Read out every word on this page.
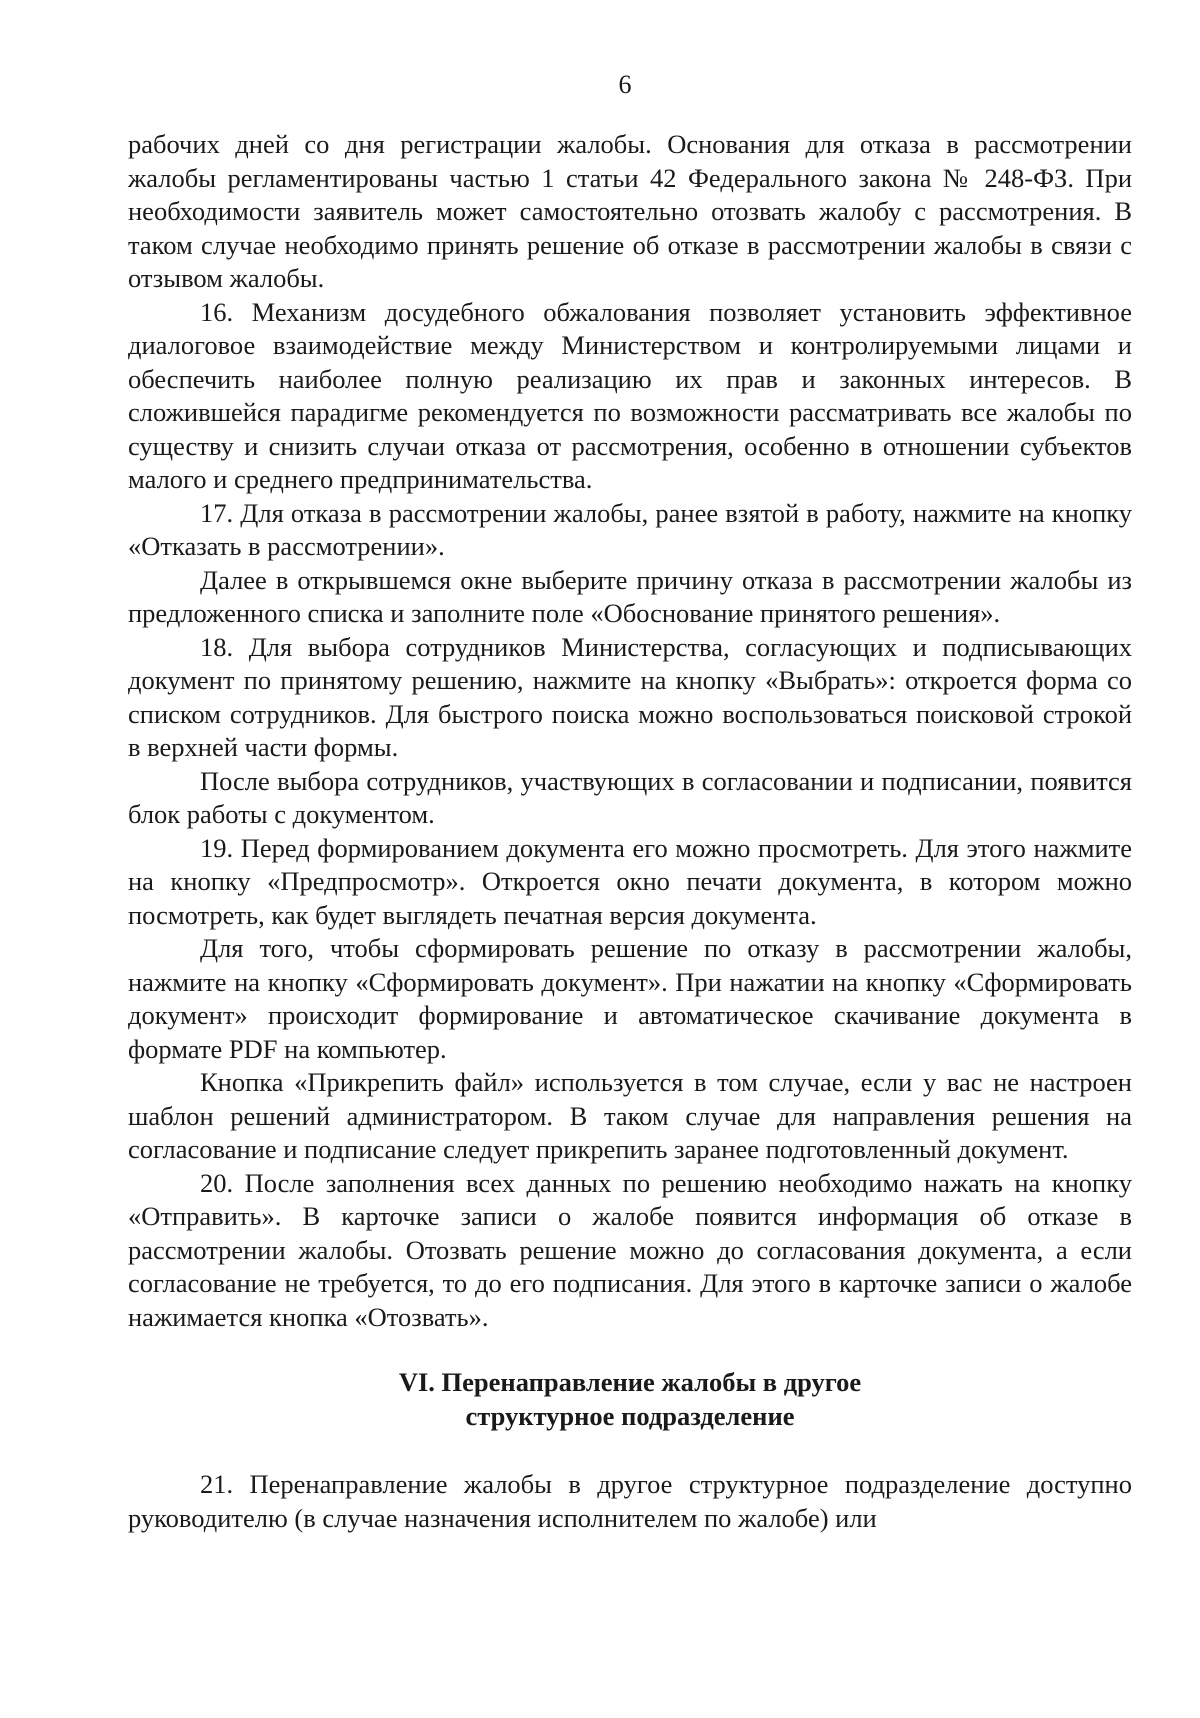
6

рабочих дней со дня регистрации жалобы. Основания для отказа в рассмотрении жалобы регламентированы частью 1 статьи 42 Федерального закона № 248-ФЗ. При необходимости заявитель может самостоятельно отозвать жалобу с рассмотрения. В таком случае необходимо принять решение об отказе в рассмотрении жалобы в связи с отзывом жалобы.

16. Механизм досудебного обжалования позволяет установить эффективное диалоговое взаимодействие между Министерством и контролируемыми лицами и обеспечить наиболее полную реализацию их прав и законных интересов. В сложившейся парадигме рекомендуется по возможности рассматривать все жалобы по существу и снизить случаи отказа от рассмотрения, особенно в отношении субъектов малого и среднего предпринимательства.

17. Для отказа в рассмотрении жалобы, ранее взятой в работу, нажмите на кнопку «Отказать в рассмотрении».

Далее в открывшемся окне выберите причину отказа в рассмотрении жалобы из предложенного списка и заполните поле «Обоснование принятого решения».

18. Для выбора сотрудников Министерства, согласующих и подписывающих документ по принятому решению, нажмите на кнопку «Выбрать»: откроется форма со списком сотрудников. Для быстрого поиска можно воспользоваться поисковой строкой в верхней части формы.

После выбора сотрудников, участвующих в согласовании и подписании, появится блок работы с документом.

19. Перед формированием документа его можно просмотреть. Для этого нажмите на кнопку «Предпросмотр». Откроется окно печати документа, в котором можно посмотреть, как будет выглядеть печатная версия документа.

Для того, чтобы сформировать решение по отказу в рассмотрении жалобы, нажмите на кнопку «Сформировать документ». При нажатии на кнопку «Сформировать документ» происходит формирование и автоматическое скачивание документа в формате PDF на компьютер.

Кнопка «Прикрепить файл» используется в том случае, если у вас не настроен шаблон решений администратором. В таком случае для направления решения на согласование и подписание следует прикрепить заранее подготовленный документ.

20. После заполнения всех данных по решению необходимо нажать на кнопку «Отправить». В карточке записи о жалобе появится информация об отказе в рассмотрении жалобы. Отозвать решение можно до согласования документа, а если согласование не требуется, то до его подписания. Для этого в карточке записи о жалобе нажимается кнопка «Отозвать».

VI. Перенаправление жалобы в другое
структурное подразделение

21. Перенаправление жалобы в другое структурное подразделение доступно руководителю (в случае назначения исполнителем по жалобе) или
